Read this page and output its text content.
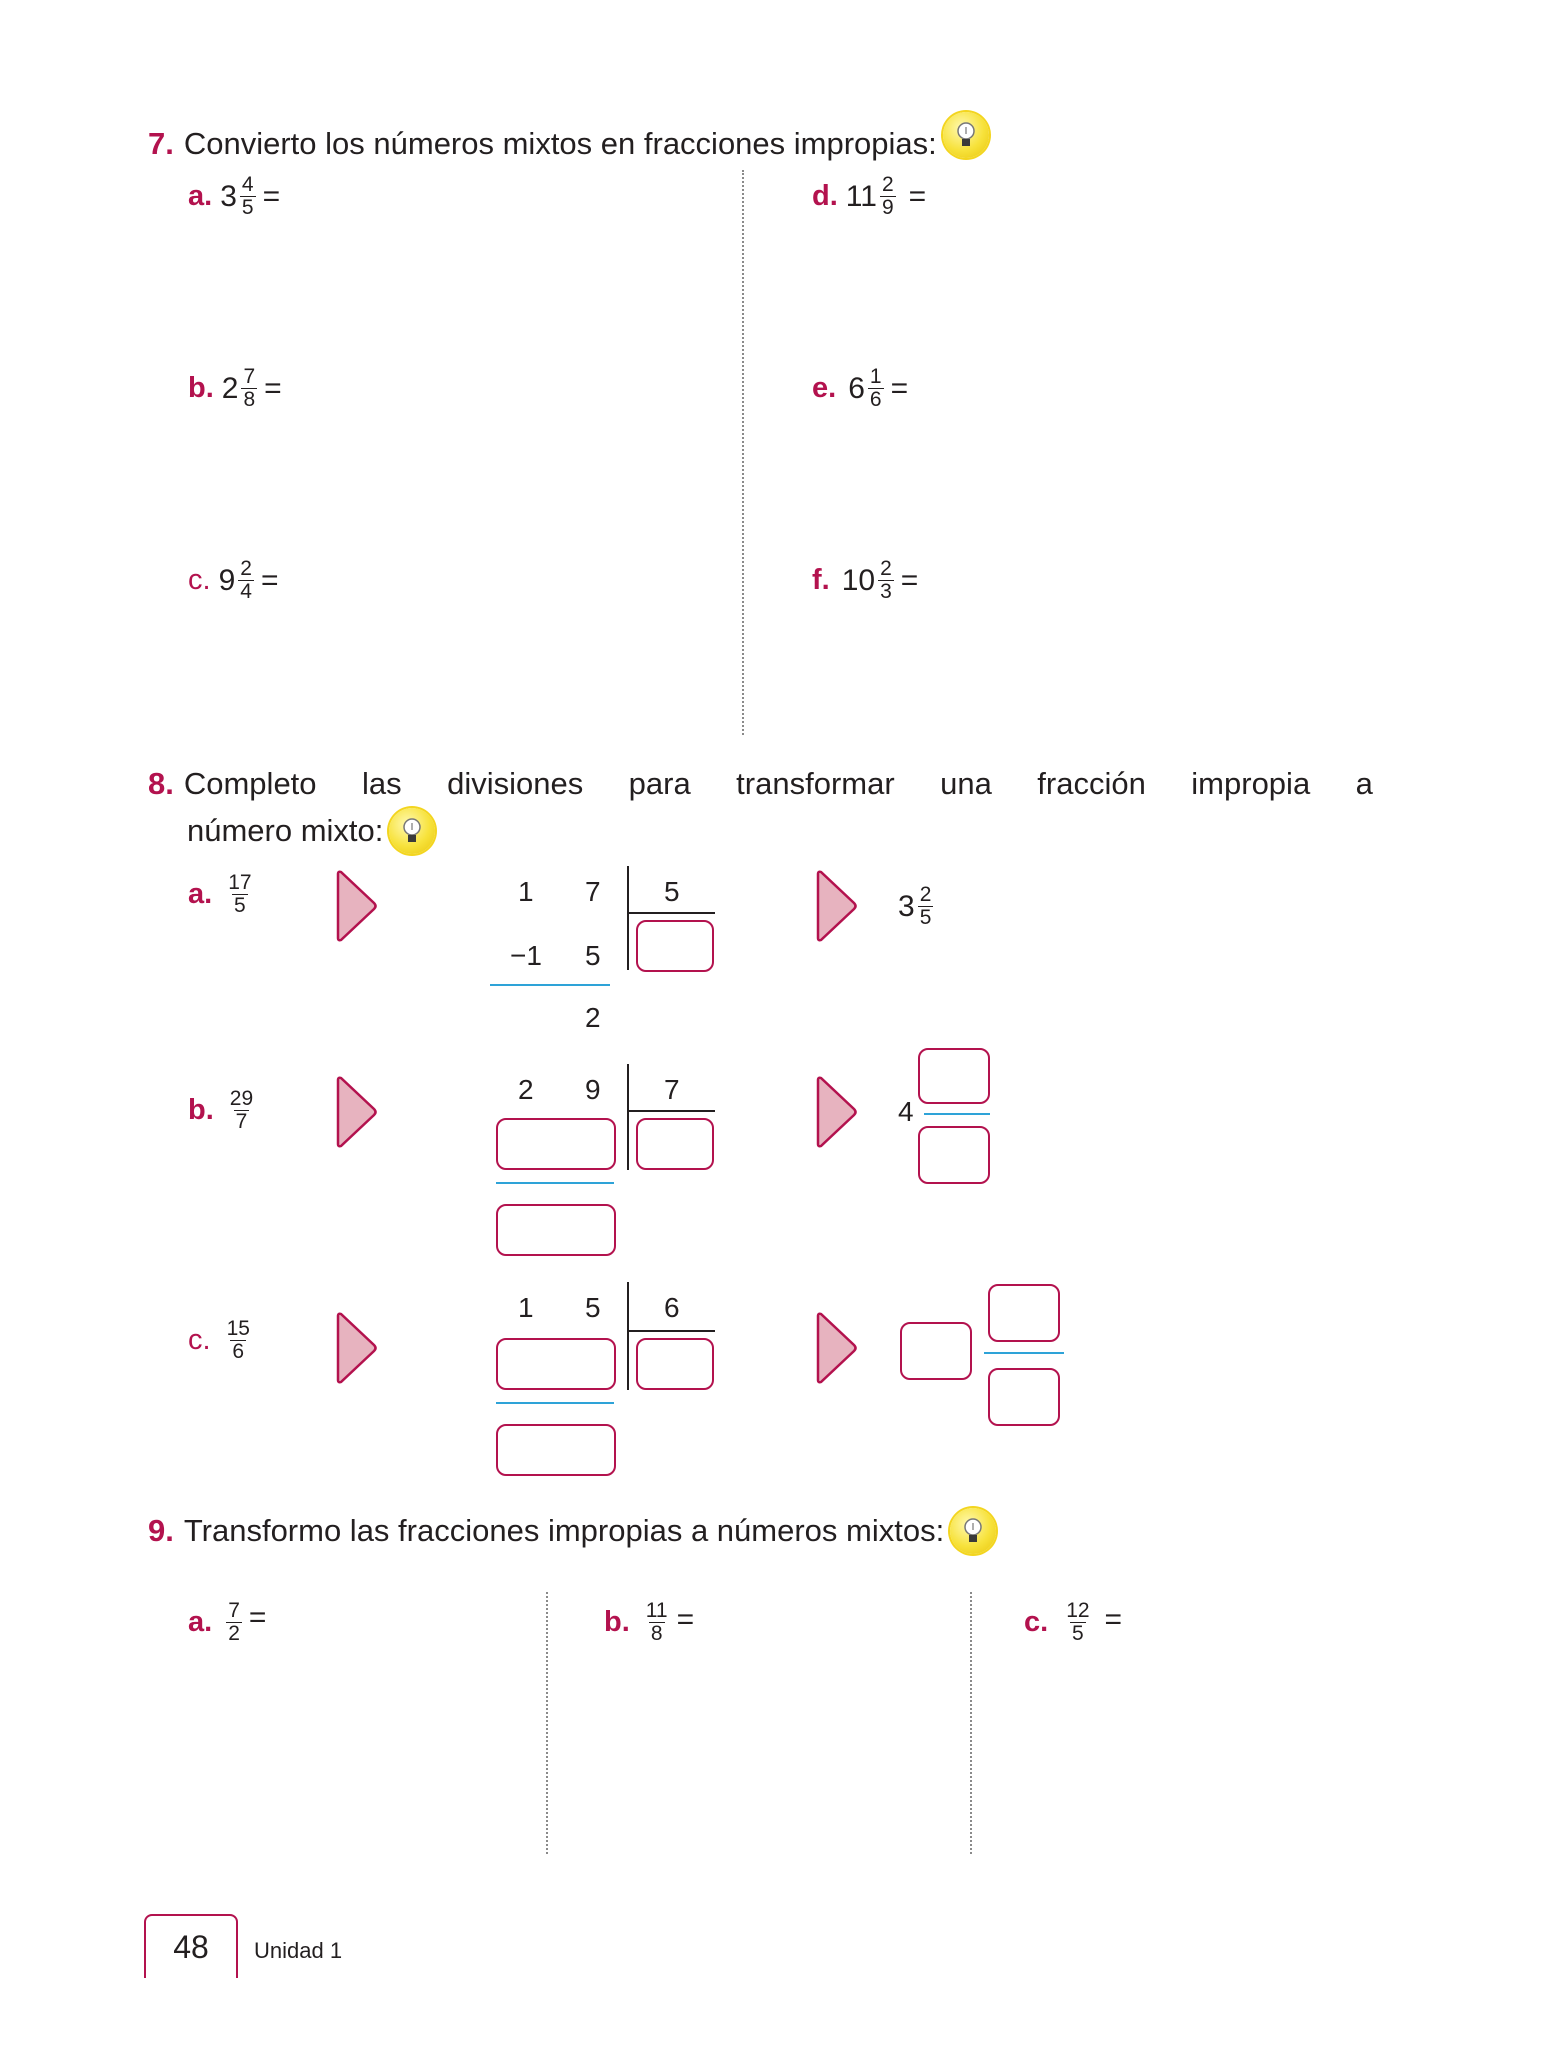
7. Convierto los números mixtos en fracciones impropias:
a. $3 \frac{4}{5}$ =
b. $2 \frac{7}{8}$ =
c. $9 \frac{2}{4}$ =
d. $11 \frac{2}{9}$ =
e. $6 \frac{1}{6}$ =
f. $10 \frac{2}{3}$ =
8. Completo las divisiones para transformar una fracción impropia a
número mixto:
a. $\frac{17}{5}$	1 7 5
−1 5
2
$3 \frac{2}{5}$
b. $\frac{29}{7}$	2 9 7
4
c. $\frac{15}{6}$
1 5 6
9. Transformo las fracciones impropias a números mixtos:
a. $\frac{7}{2}$ =	b. $\frac{11}{8}$ =	c. $\frac{12}{5}$ =
48 Unidad 1
